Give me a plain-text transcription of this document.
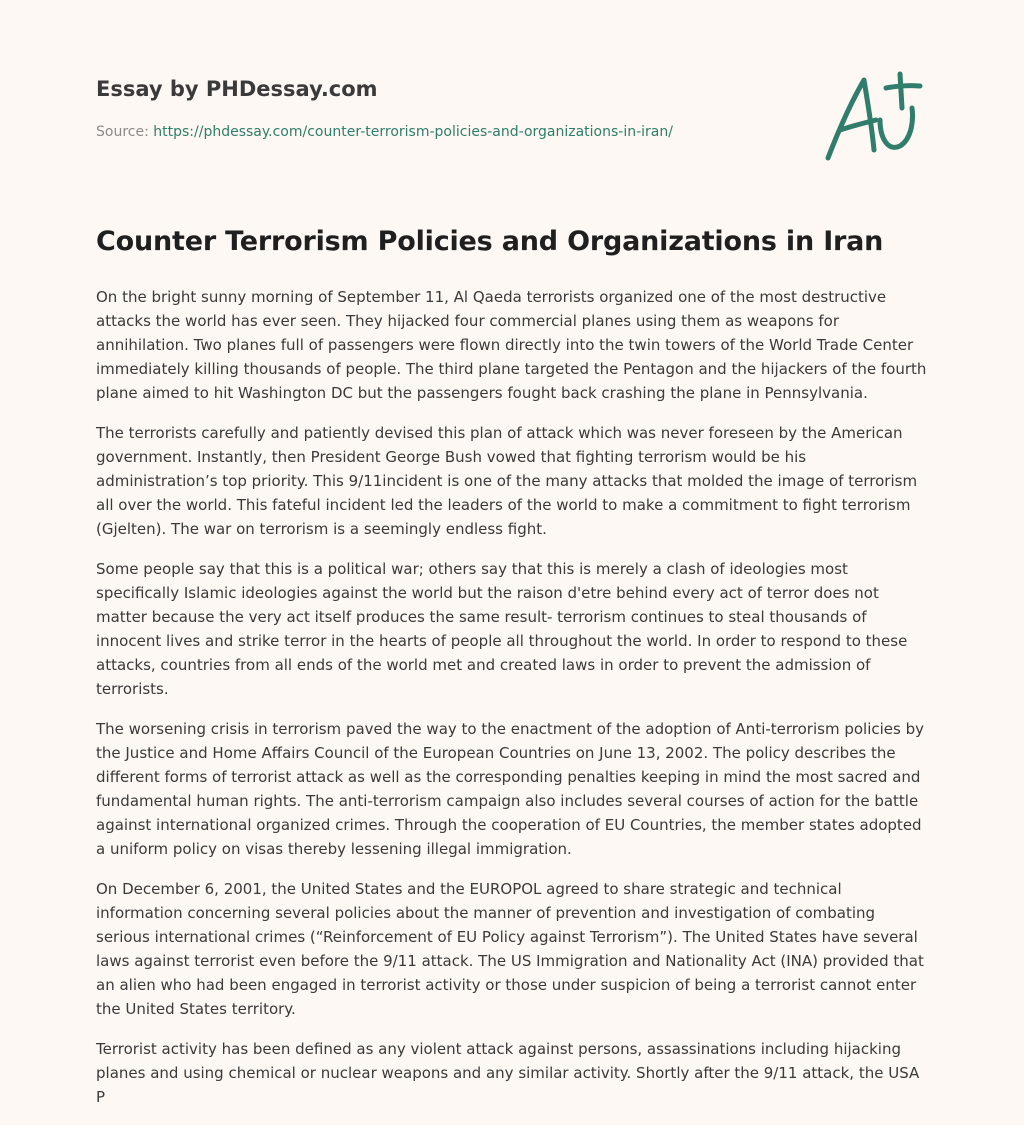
Essay by PHDessay.com
Source: https://phdessay.com/counter-terrorism-policies-and-organizations-in-iran/
Counter Terrorism Policies and Organizations in Iran

On the bright sunny morning of September 11, Al Qaeda terrorists organized one of the most destructive attacks the world has ever seen. They hijacked four commercial planes using them as weapons for annihilation. Two planes full of passengers were flown directly into the twin towers of the World Trade Center immediately killing thousands of people. The third plane targeted the Pentagon and the hijackers of the fourth plane aimed to hit Washington DC but the passengers fought back crashing the plane in Pennsylvania.

The terrorists carefully and patiently devised this plan of attack which was never foreseen by the American government. Instantly, then President George Bush vowed that fighting terrorism would be his administration’s top priority. This 9/11incident is one of the many attacks that molded the image of terrorism all over the world. This fateful incident led the leaders of the world to make a commitment to fight terrorism (Gjelten). The war on terrorism is a seemingly endless fight.

Some people say that this is a political war; others say that this is merely a clash of ideologies most specifically Islamic ideologies against the world but the raison d'etre behind every act of terror does not matter because the very act itself produces the same result- terrorism continues to steal thousands of innocent lives and strike terror in the hearts of people all throughout the world. In order to respond to these attacks, countries from all ends of the world met and created laws in order to prevent the admission of terrorists.

The worsening crisis in terrorism paved the way to the enactment of the adoption of Anti-terrorism policies by the Justice and Home Affairs Council of the European Countries on June 13, 2002. The policy describes the different forms of terrorist attack as well as the corresponding penalties keeping in mind the most sacred and fundamental human rights. The anti-terrorism campaign also includes several courses of action for the battle against international organized crimes. Through the cooperation of EU Countries, the member states adopted a uniform policy on visas thereby lessening illegal immigration.

On December 6, 2001, the United States and the EUROPOL agreed to share strategic and technical information concerning several policies about the manner of prevention and investigation of combating serious international crimes (“Reinforcement of EU Policy against Terrorism”). The United States have several laws against terrorist even before the 9/11 attack. The US Immigration and Nationality Act (INA) provided that an alien who had been engaged in terrorist activity or those under suspicion of being a terrorist cannot enter the United States territory.

Terrorist activity has been defined as any violent attack against persons, assassinations including hijacking planes and using chemical or nuclear weapons and any similar activity. Shortly after the 9/11 attack, the USA P
